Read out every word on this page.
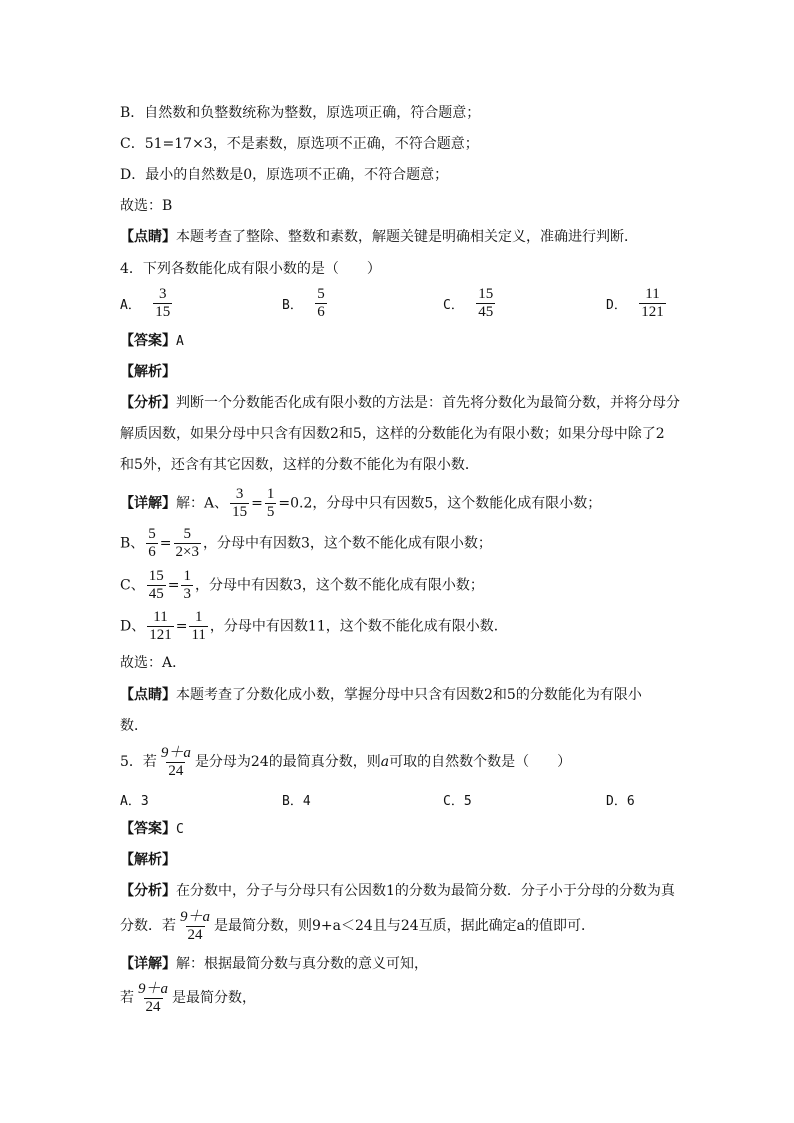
B．自然数和负整数统称为整数，原选项正确，符合题意；
C．51=17×3，不是素数，原选项不正确，不符合题意；
D．最小的自然数是0，原选项不正确，不符合题意；
故选：B
【点睛】本题考查了整除、整数和素数，解题关键是明确相关定义，准确进行判断．
4．下列各数能化成有限小数的是（　　）
A． $\frac{3}{15}$	B． $\frac{5}{6}$	C． $\frac{15}{45}$	D． $\frac{11}{121}$
【答案】A
【解析】
【分析】判断一个分数能否化成有限小数的方法是：首先将分数化为最简分数，并将分母分
解质因数，如果分母中只含有因数2和5，这样的分数能化为有限小数；如果分母中除了2
和5外，还含有其它因数，这样的分数不能化为有限小数．
【详解】解：A、 $\frac{3}{15} = \frac{1}{5} =0.2$，分母中只有因数5，这个数能化成有限小数；
B、 $\frac{5}{6} = \frac{5}{2\times 3}$ ，分母中有因数3，这个数不能化成有限小数；
C、 $\frac{15}{45} = \frac{1}{3}$ ，分母中有因数3，这个数不能化成有限小数；
D、 $\frac{11}{121} = \frac{1}{11}$ ，分母中有因数11，这个数不能化成有限小数．
故选：A．
【点睛】本题考查了分数化成小数，掌握分母中只含有因数2和5的分数能化为有限小
数．
5．若 $\frac{9+a}{24}$ 是分母为24的最简真分数，则a可取的自然数个数是（　　）
A．3	B．4	C．5	D．6
【答案】C
【解析】
【分析】在分数中，分子与分母只有公因数1的分数为最简分数．分子小于分母的分数为真
分数．若 $\frac{9+a}{24}$ 是最简分数，则9+a＜24且与24互质，据此确定a的值即可．
【详解】解：根据最简分数与真分数的意义可知，
若 $\frac{9+a}{24}$ 是最简分数，
